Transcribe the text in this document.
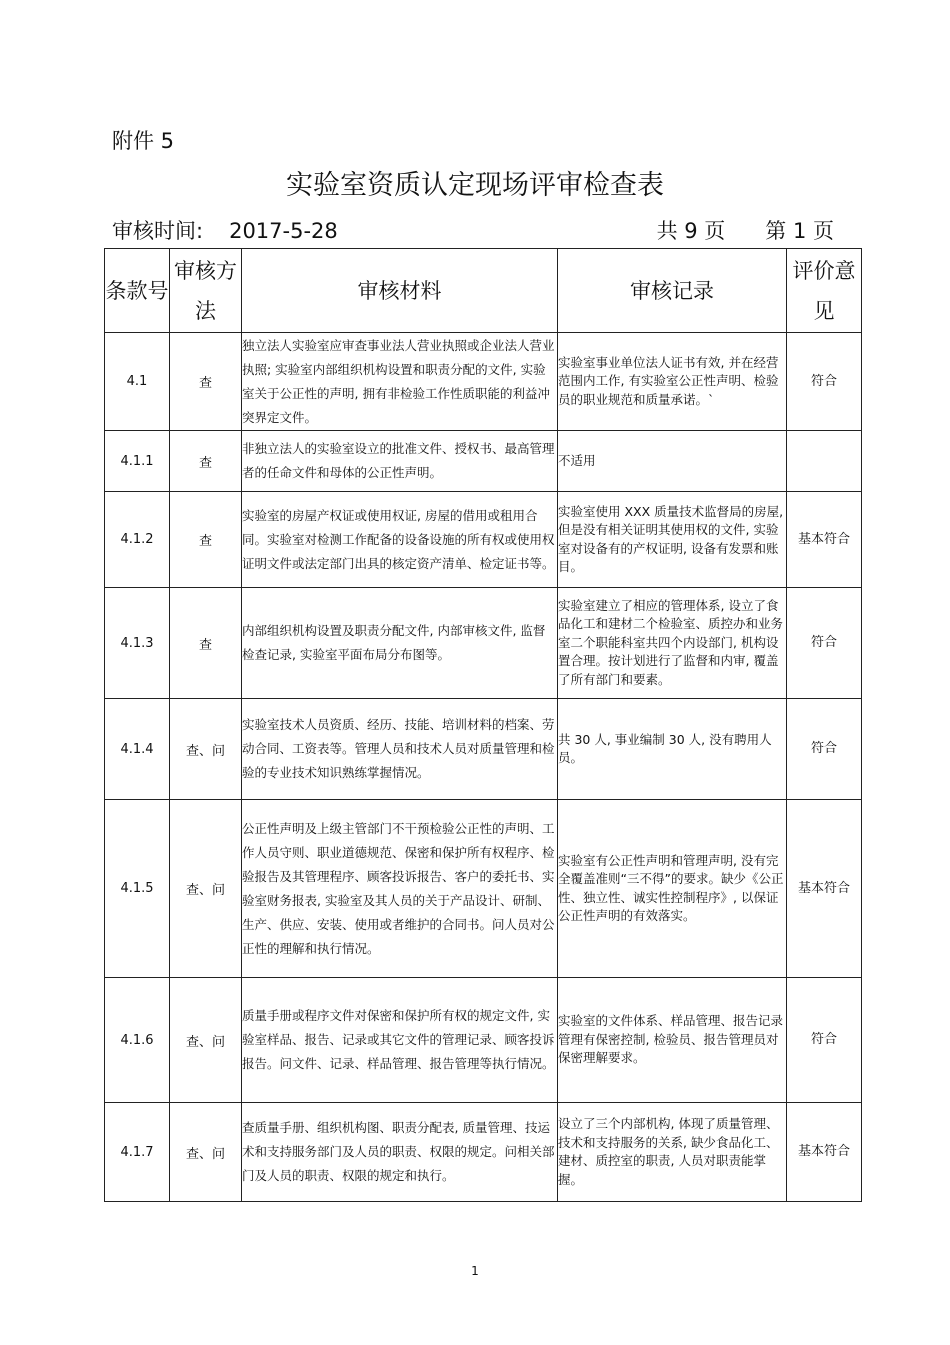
附件 5
实验室资质认定现场评审检查表
审核时间: 2017-5-28	共 9 页 第 1 页
条款号	审核方法	审核材料	审核记录	评价意见
4.1	查	独立法人实验室应审查事业法人营业执照或企业法人营业执照; 实验室内部组织机构设置和职责分配的文件, 实验室关于公正性的声明, 拥有非检验工作性质职能的利益冲突界定文件。	实验室事业单位法人证书有效, 并在经营范围内工作, 有实验室公正性声明、检验员的职业规范和质量承诺。`	符合
4.1.1	查	非独立法人的实验室设立的批准文件、授权书、最高管理者的任命文件和母体的公正性声明。	不适用	
4.1.2	查	实验室的房屋产权证或使用权证, 房屋的借用或租用合同。实验室对检测工作配备的设备设施的所有权或使用权证明文件或法定部门出具的核定资产清单、检定证书等。	实验室使用 XXX 质量技术监督局的房屋, 但是没有相关证明其使用权的文件, 实验室对设备有的产权证明, 设备有发票和账目。	基本符合
4.1.3	查	内部组织机构设置及职责分配文件, 内部审核文件, 监督检查记录, 实验室平面布局分布图等。	实验室建立了相应的管理体系, 设立了食品化工和建材二个检验室、质控办和业务室二个职能科室共四个内设部门, 机构设置合理。按计划进行了监督和内审, 覆盖了所有部门和要素。	符合
4.1.4	查、问	实验室技术人员资质、经历、技能、培训材料的档案、劳动合同、工资表等。管理人员和技术人员对质量管理和检验的专业技术知识熟练掌握情况。	共 30 人, 事业编制 30 人, 没有聘用人员。	符合
4.1.5	查、问	公正性声明及上级主管部门不干预检验公正性的声明、工作人员守则、职业道德规范、保密和保护所有权程序、检验报告及其管理程序、顾客投诉报告、客户的委托书、实验室财务报表, 实验室及其人员的关于产品设计、研制、生产、供应、安装、使用或者维护的合同书。问人员对公正性的理解和执行情况。	实验室有公正性声明和管理声明, 没有完全覆盖准则“三不得”的要求。缺少《公正性、独立性、诚实性控制程序》, 以保证公正性声明的有效落实。	基本符合
4.1.6	查、问	质量手册或程序文件对保密和保护所有权的规定文件, 实验室样品、报告、记录或其它文件的管理记录、顾客投诉报告。问文件、记录、样品管理、报告管理等执行情况。	实验室的文件体系、样品管理、报告记录管理有保密控制, 检验员、报告管理员对保密理解要求。	符合
4.1.7	查、问	查质量手册、组织机构图、职责分配表, 质量管理、技运术和支持服务部门及人员的职责、权限的规定。问相关部门及人员的职责、权限的规定和执行。	设立了三个内部机构, 体现了质量管理、技术和支持服务的关系, 缺少食品化工、建材、质控室的职责, 人员对职责能掌握。	基本符合
1
